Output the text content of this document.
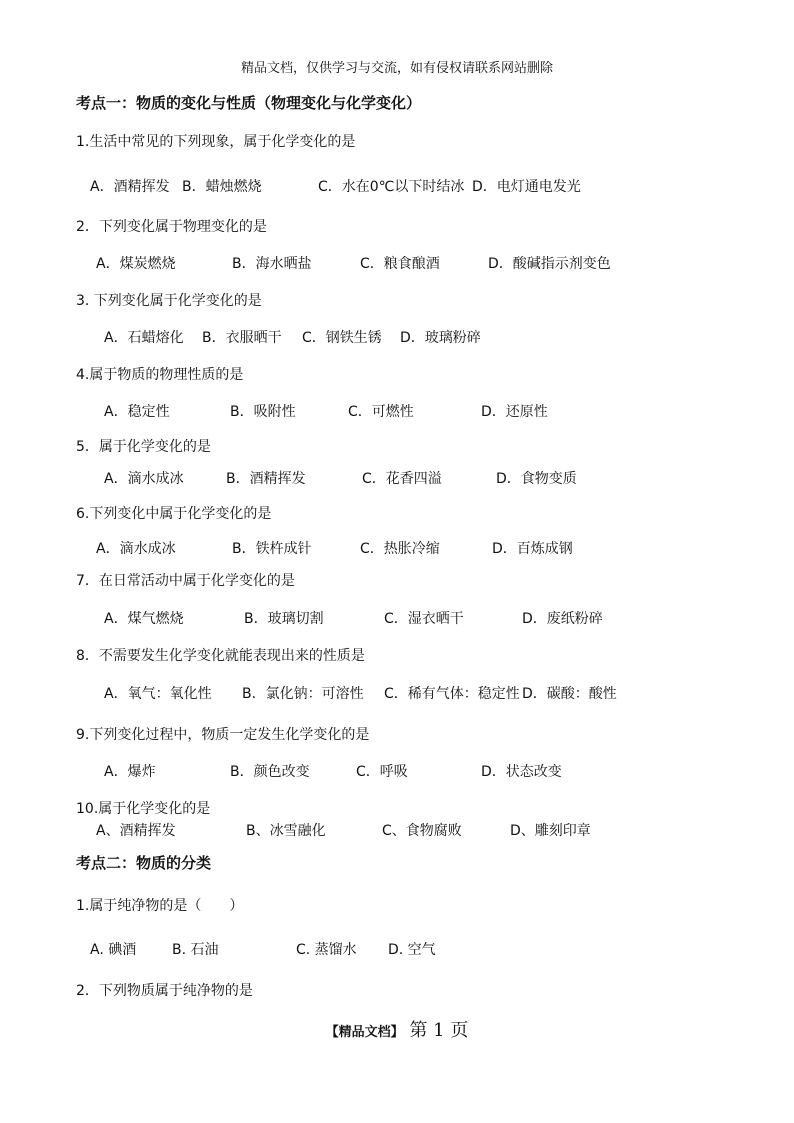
精品文档，仅供学习与交流，如有侵权请联系网站删除
考点一：物质的变化与性质（物理变化与化学变化）
1.生活中常见的下列现象，属于化学变化的是
A．酒精挥发 B．蜡烛燃烧	C．水在0℃以下时结冰 D．电灯通电发光
2．下列变化属于物理变化的是
A．煤炭燃烧	B．海水晒盐	C．粮食酿酒	D．酸碱指示剂变色
3. 下列变化属于化学变化的是
A．石蜡熔化 B．衣服晒干 C．钢铁生锈 D．玻璃粉碎
4.属于物质的物理性质的是
A．稳定性	B．吸附性	C．可燃性	D．还原性
5．属于化学变化的是
A．滴水成冰	B．酒精挥发	C．花香四溢	D．食物变质
6.下列变化中属于化学变化的是
A．滴水成冰	B．铁杵成针	C．热胀冷缩	D．百炼成钢
7．在日常活动中属于化学变化的是
A．煤气燃烧	B．玻璃切割	C．湿衣晒干	D．废纸粉碎
8．不需要发生化学变化就能表现出来的性质是
A．氧气：氧化性 B．氯化钠：可溶性 C．稀有气体：稳定性 D．碳酸：酸性
9.下列变化过程中，物质一定发生化学变化的是
A．爆炸	B．颜色改变	C．呼吸	D．状态改变
10.属于化学变化的是
A、酒精挥发	B、冰雪融化	C、食物腐败	D、雕刻印章
考点二：物质的分类
1.属于纯净物的是（　　）
A. 碘酒	B. 石油	C. 蒸馏水 D. 空气
2．下列物质属于纯净物的是
【精品文档】 第 1 页
